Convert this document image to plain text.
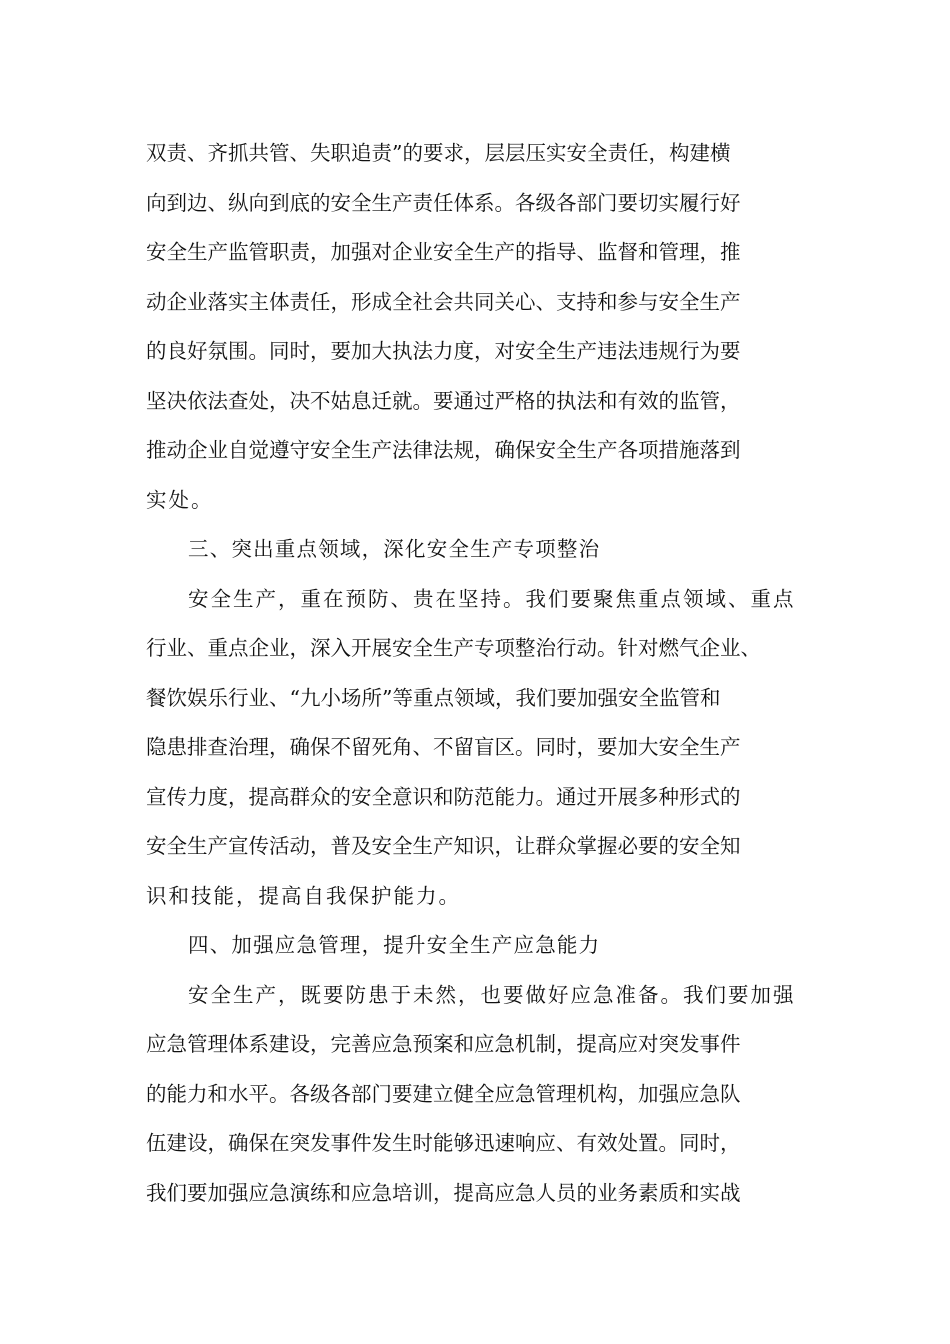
双责、齐抓共管、失职追责”的要求，层层压实安全责任，构建横
向到边、纵向到底的安全生产责任体系。各级各部门要切实履行好
安全生产监管职责，加强对企业安全生产的指导、监督和管理，推
动企业落实主体责任，形成全社会共同关心、支持和参与安全生产
的良好氛围。同时，要加大执法力度，对安全生产违法违规行为要
坚决依法查处，决不姑息迁就。要通过严格的执法和有效的监管，
推动企业自觉遵守安全生产法律法规，确保安全生产各项措施落到
实处。
三、突出重点领域，深化安全生产专项整治
安全生产，重在预防、贵在坚持。我们要聚焦重点领域、重点
行业、重点企业，深入开展安全生产专项整治行动。针对燃气企业、
餐饮娱乐行业、“九小场所”等重点领域，我们要加强安全监管和
隐患排查治理，确保不留死角、不留盲区。同时，要加大安全生产
宣传力度，提高群众的安全意识和防范能力。通过开展多种形式的
安全生产宣传活动，普及安全生产知识，让群众掌握必要的安全知
识和技能，提高自我保护能力。
四、加强应急管理，提升安全生产应急能力
安全生产，既要防患于未然，也要做好应急准备。我们要加强
应急管理体系建设，完善应急预案和应急机制，提高应对突发事件
的能力和水平。各级各部门要建立健全应急管理机构，加强应急队
伍建设，确保在突发事件发生时能够迅速响应、有效处置。同时，
我们要加强应急演练和应急培训，提高应急人员的业务素质和实战
